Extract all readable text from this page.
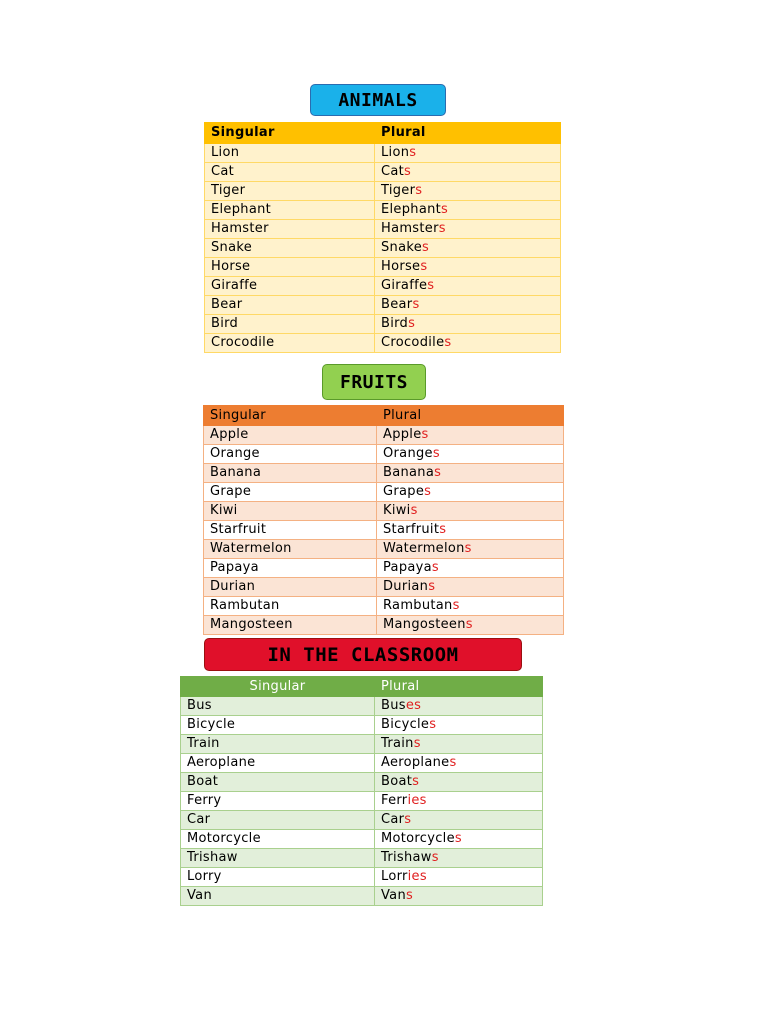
ANIMALS
Singular	Plural
Lion	Lions
Cat	Cats
Tiger	Tigers
Elephant	Elephants
Hamster	Hamsters
Snake	Snakes
Horse	Horses
Giraffe	Giraffes
Bear	Bears
Bird	Birds
Crocodile	Crocodiles
FRUITS
Singular	Plural
Apple	Apples
Orange	Oranges
Banana	Bananas
Grape	Grapes
Kiwi	Kiwis
Starfruit	Starfruits
Watermelon	Watermelons
Papaya	Papayas
Durian	Durians
Rambutan	Rambutans
Mangosteen	Mangosteens
IN THE CLASSROOM
Singular	Plural
Bus	Buses
Bicycle	Bicycles
Train	Trains
Aeroplane	Aeroplanes
Boat	Boats
Ferry	Ferries
Car	Cars
Motorcycle	Motorcycles
Trishaw	Trishaws
Lorry	Lorries
Van	Vans
